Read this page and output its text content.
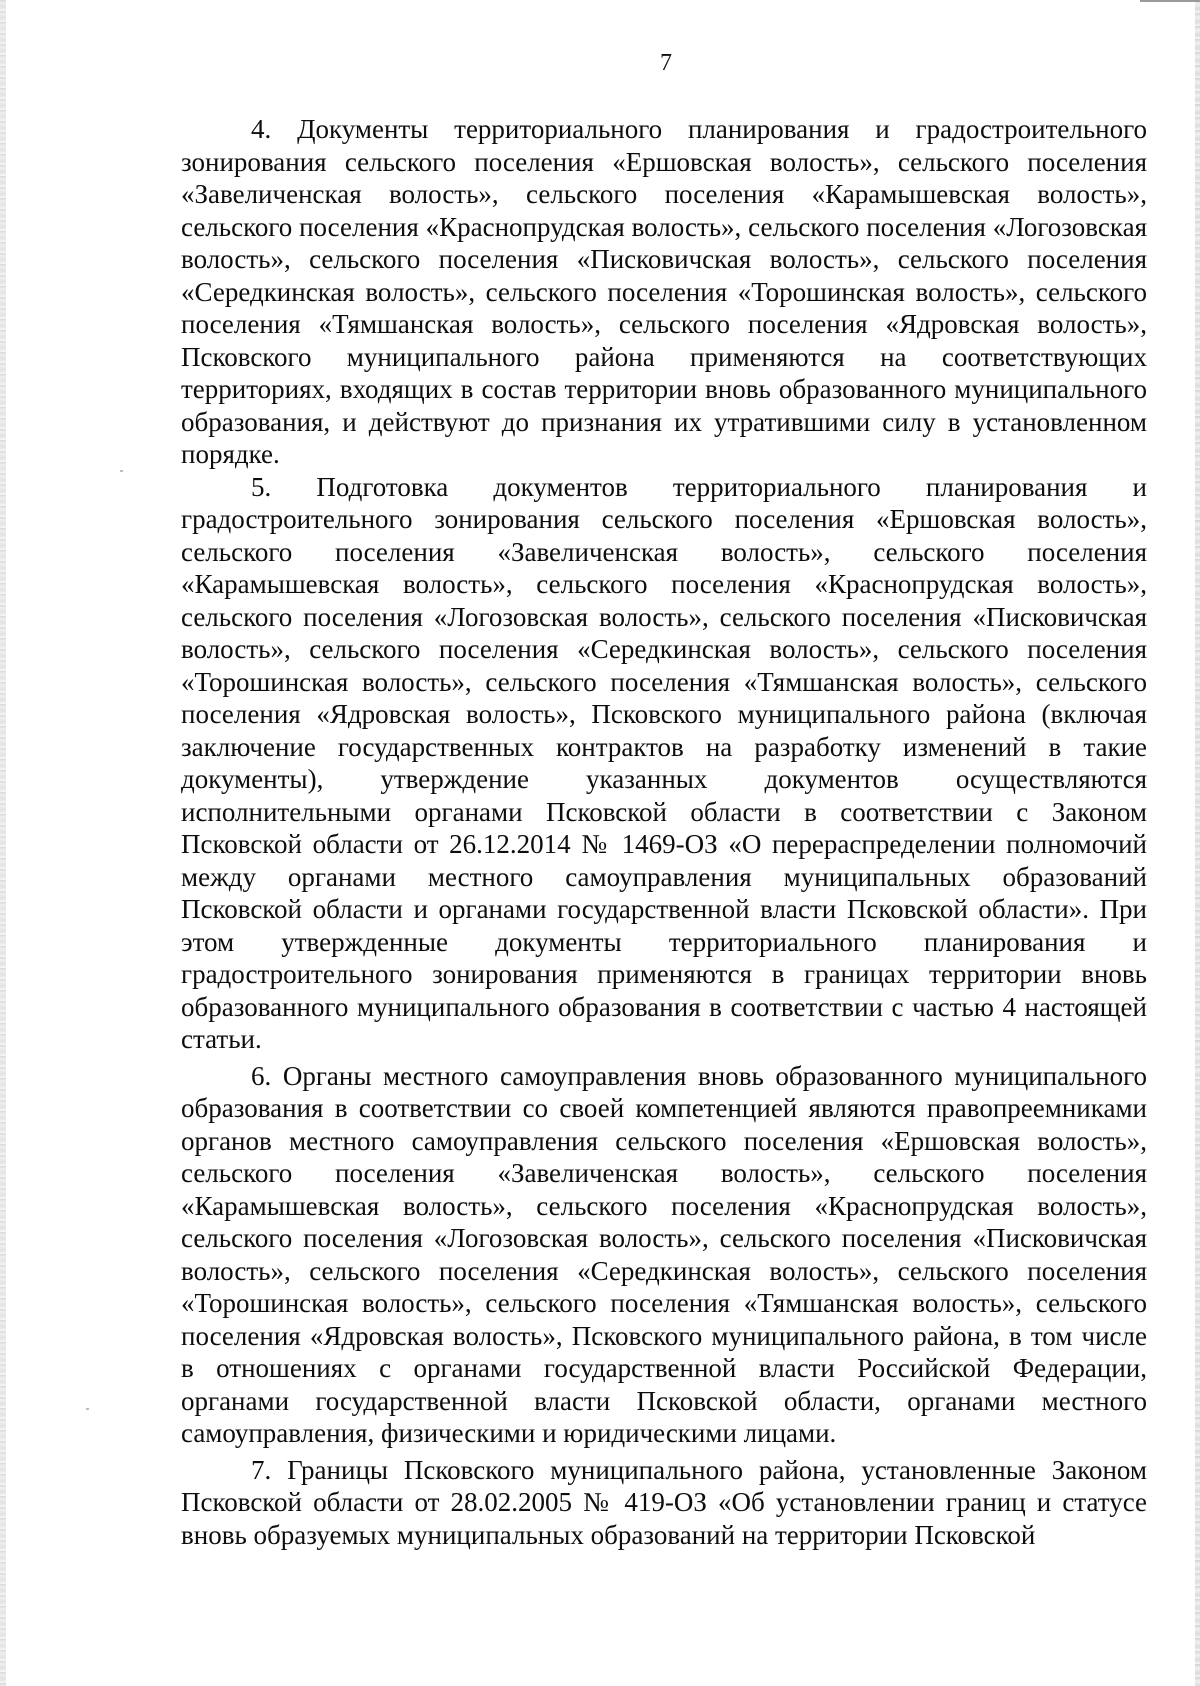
7

4. Документы территориального планирования и градостроительного зонирования сельского поселения «Ершовская волость», сельского поселения «Завеличенская волость», сельского поселения «Карамышевская волость», сельского поселения «Краснопрудская волость», сельского поселения «Логозовская волость», сельского поселения «Писковичская волость», сельского поселения «Середкинская волость», сельского поселения «Торошинская волость», сельского поселения «Тямшанская волость», сельского поселения «Ядровская волость», Псковского муниципального района применяются на соответствующих территориях, входящих в состав территории вновь образованного муниципального образования, и действуют до признания их утратившими силу в установленном порядке.

5. Подготовка документов территориального планирования и градостроительного зонирования сельского поселения «Ершовская волость», сельского поселения «Завеличенская волость», сельского поселения «Карамышевская волость», сельского поселения «Краснопрудская волость», сельского поселения «Логозовская волость», сельского поселения «Писковичская волость», сельского поселения «Середкинская волость», сельского поселения «Торошинская волость», сельского поселения «Тямшанская волость», сельского поселения «Ядровская волость», Псковского муниципального района (включая заключение государственных контрактов на разработку изменений в такие документы), утверждение указанных документов осуществляются исполнительными органами Псковской области в соответствии с Законом Псковской области от 26.12.2014 № 1469-ОЗ «О перераспределении полномочий между органами местного самоуправления муниципальных образований Псковской области и органами государственной власти Псковской области». При этом утвержденные документы территориального планирования и градостроительного зонирования применяются в границах территории вновь образованного муниципального образования в соответствии с частью 4 настоящей статьи.

6. Органы местного самоуправления вновь образованного муниципального образования в соответствии со своей компетенцией являются правопреемниками органов местного самоуправления сельского поселения «Ершовская волость», сельского поселения «Завеличенская волость», сельского поселения «Карамышевская волость», сельского поселения «Краснопрудская волость», сельского поселения «Логозовская волость», сельского поселения «Писковичская волость», сельского поселения «Середкинская волость», сельского поселения «Торошинская волость», сельского поселения «Тямшанская волость», сельского поселения «Ядровская волость», Псковского муниципального района, в том числе в отношениях с органами государственной власти Российской Федерации, органами государственной власти Псковской области, органами местного самоуправления, физическими и юридическими лицами.

7. Границы Псковского муниципального района, установленные Законом Псковской области от 28.02.2005 № 419-ОЗ «Об установлении границ и статусе вновь образуемых муниципальных образований на территории Псковской
